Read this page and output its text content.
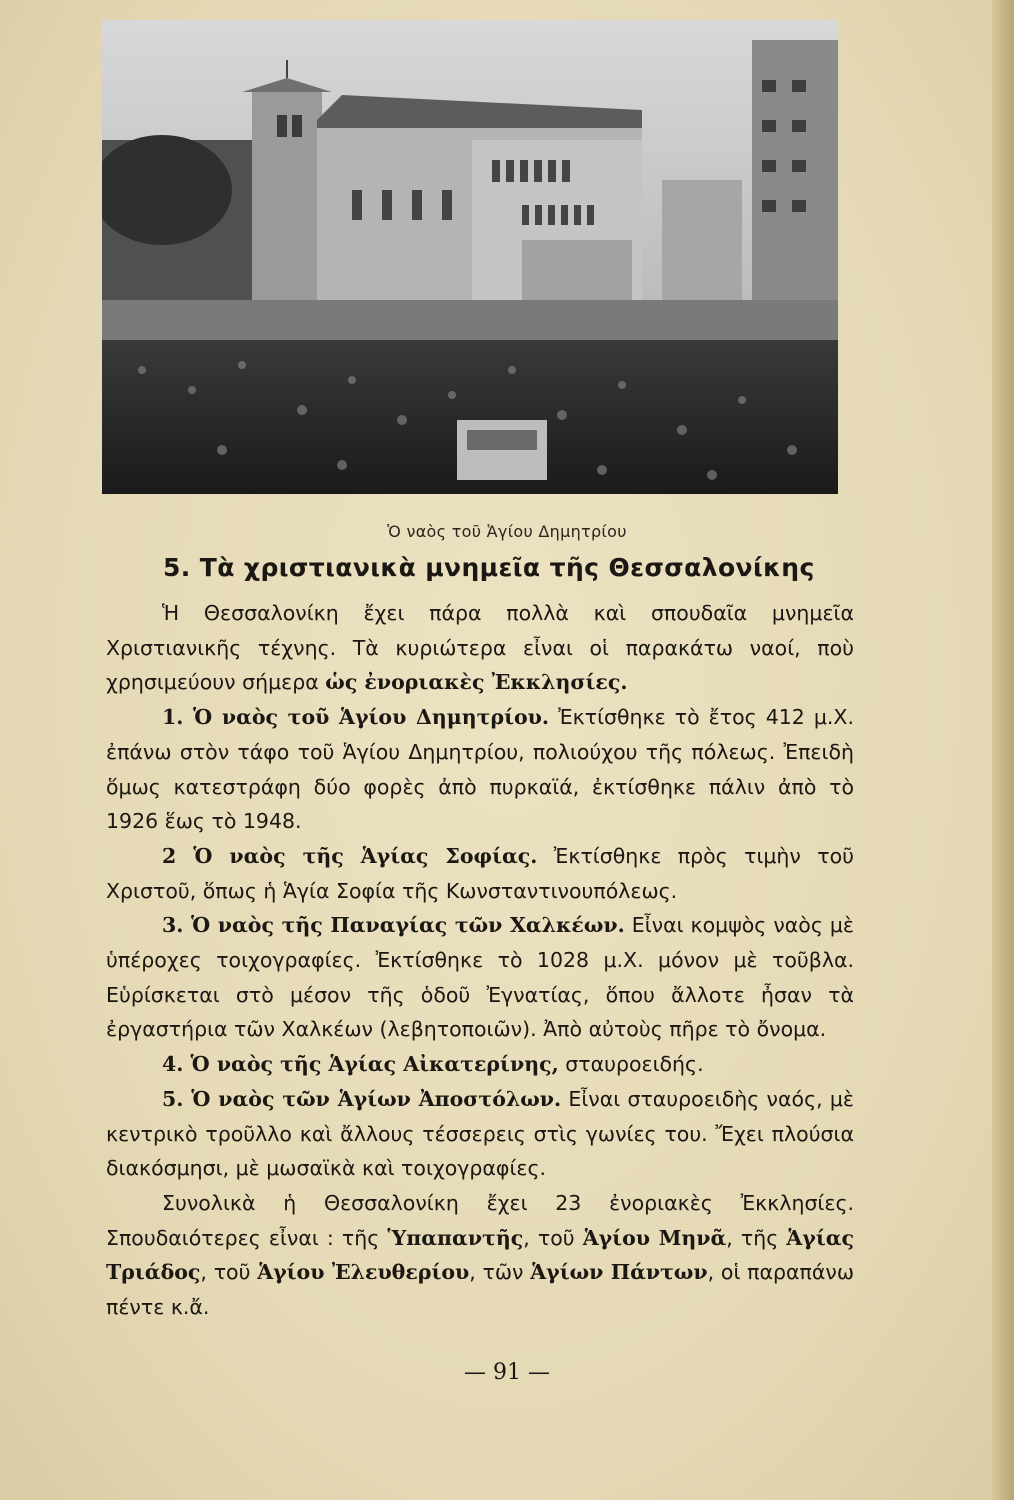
Ὁ ναὸς τοῦ Ἁγίου Δημητρίου
5. Τὰ χριστιανικὰ μνημεῖα τῆς Θεσσαλονίκης

Ἡ Θεσσαλονίκη ἔχει πάρα πολλὰ καὶ σπουδαῖα μνημεῖα Χριστιανικῆς τέχνης. Τὰ κυριώτερα εἶναι οἱ παρακάτω ναοί, ποὺ χρησιμεύουν σήμερα ὡς ἐνοριακὲς Ἐκκλησίες.

1. Ὁ ναὸς τοῦ Ἁγίου Δημητρίου. Ἐκτίσθηκε τὸ ἔτος 412 μ.Χ. ἐπάνω στὸν τάφο τοῦ Ἁγίου Δημητρίου, πολιούχου τῆς πόλεως. Ἐπειδὴ ὅμως κατεστράφη δύο φορὲς ἀπὸ πυρκαϊά, ἐκτίσθηκε πάλιν ἀπὸ τὸ 1926 ἕως τὸ 1948.

2 Ὁ ναὸς τῆς Ἁγίας Σοφίας. Ἐκτίσθηκε πρὸς τιμὴν τοῦ Χριστοῦ, ὅπως ἡ Ἁγία Σοφία τῆς Κωνσταντινουπόλεως.

3. Ὁ ναὸς τῆς Παναγίας τῶν Χαλκέων. Εἶναι κομψὸς ναὸς μὲ ὑπέροχες τοιχογραφίες. Ἐκτίσθηκε τὸ 1028 μ.Χ. μόνον μὲ τοῦβλα. Εὑρίσκεται στὸ μέσον τῆς ὁδοῦ Ἐγνατίας, ὅπου ἄλλοτε ἦσαν τὰ ἐργαστήρια τῶν Χαλκέων (λεβητοποιῶν). Ἀπὸ αὐτοὺς πῆρε τὸ ὄνομα.

4. Ὁ ναὸς τῆς Ἁγίας Αἰκατερίνης, σταυροειδής.

5. Ὁ ναὸς τῶν Ἁγίων Ἀποστόλων. Εἶναι σταυροειδὴς ναός, μὲ κεντρικὸ τροῦλλο καὶ ἄλλους τέσσερεις στὶς γωνίες του. Ἔχει πλούσια διακόσμησι, μὲ μωσαϊκὰ καὶ τοιχογραφίες.

Συνολικὰ ἡ Θεσσαλονίκη ἔχει 23 ἐνοριακὲς Ἐκκλησίες. Σπουδαιότερες εἶναι : τῆς Ὑπαπαντῆς, τοῦ Ἁγίου Μηνᾶ, τῆς Ἁγίας Τριάδος, τοῦ Ἁγίου Ἐλευθερίου, τῶν Ἁγίων Πάντων, οἱ παραπάνω πέντε κ.ἄ.

— 91 —
